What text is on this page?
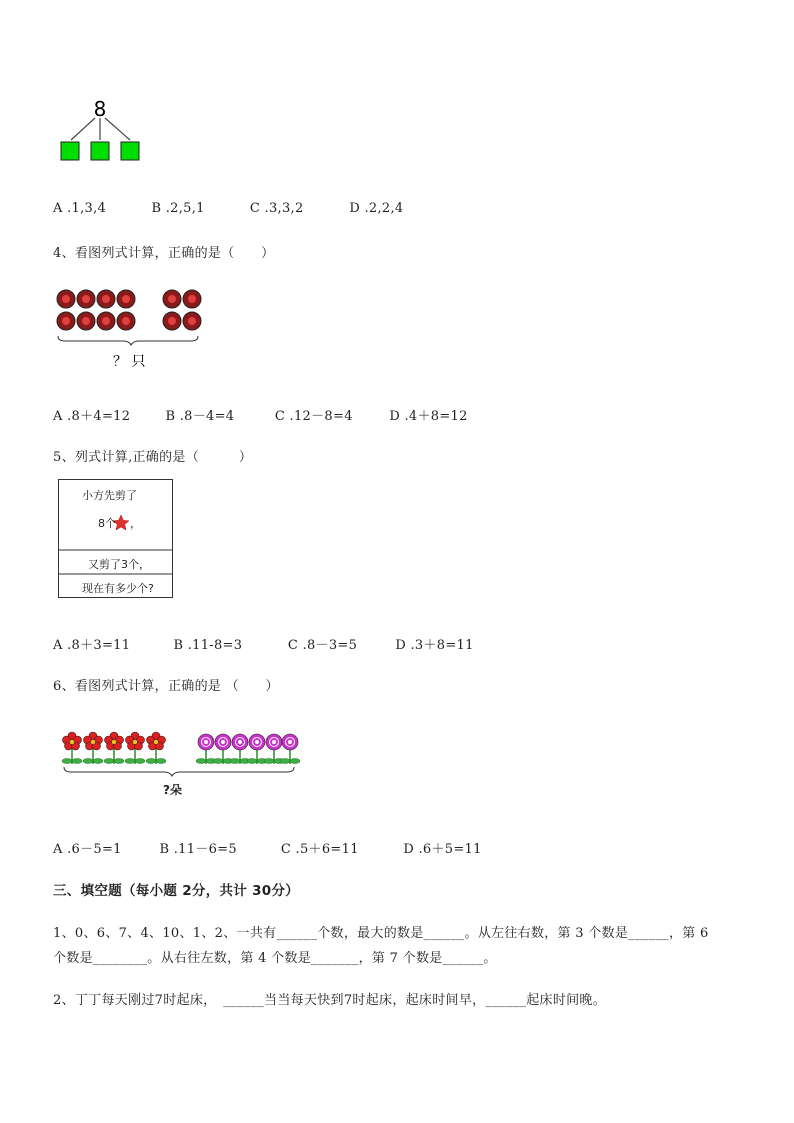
8
A .1,3,4	B .2,5,1	C .3,3,2	D .2,2,4
4、看图列式计算，正确的是（　　）
？ 只
A .8＋4=12	B .8－4=4	C .12－8=4	D .4＋8=12
5、列式计算,正确的是（　　　）
小方先剪了
8个 ，
又剪了3个，
现在有多少个?
A .8＋3=11	B .11-8=3	C .8－3=5	D .3＋8=11
6、看图列式计算，正确的是 （　　）
?朵
A .6－5=1	B .11－6=5	C .5＋6=11	D .6＋5=11
三、填空题（每小题 2分，共计 30分）
1、0、6、7、4、10、1、2、一共有______个数，最大的数是______。从左往右数，第 3 个数是______，第 6
个数是________。从右往左数，第 4 个数是_______，第 7 个数是______。
2、丁丁每天刚过7时起床，　______当当每天快到7时起床，起床时间早，______起床时间晚。
